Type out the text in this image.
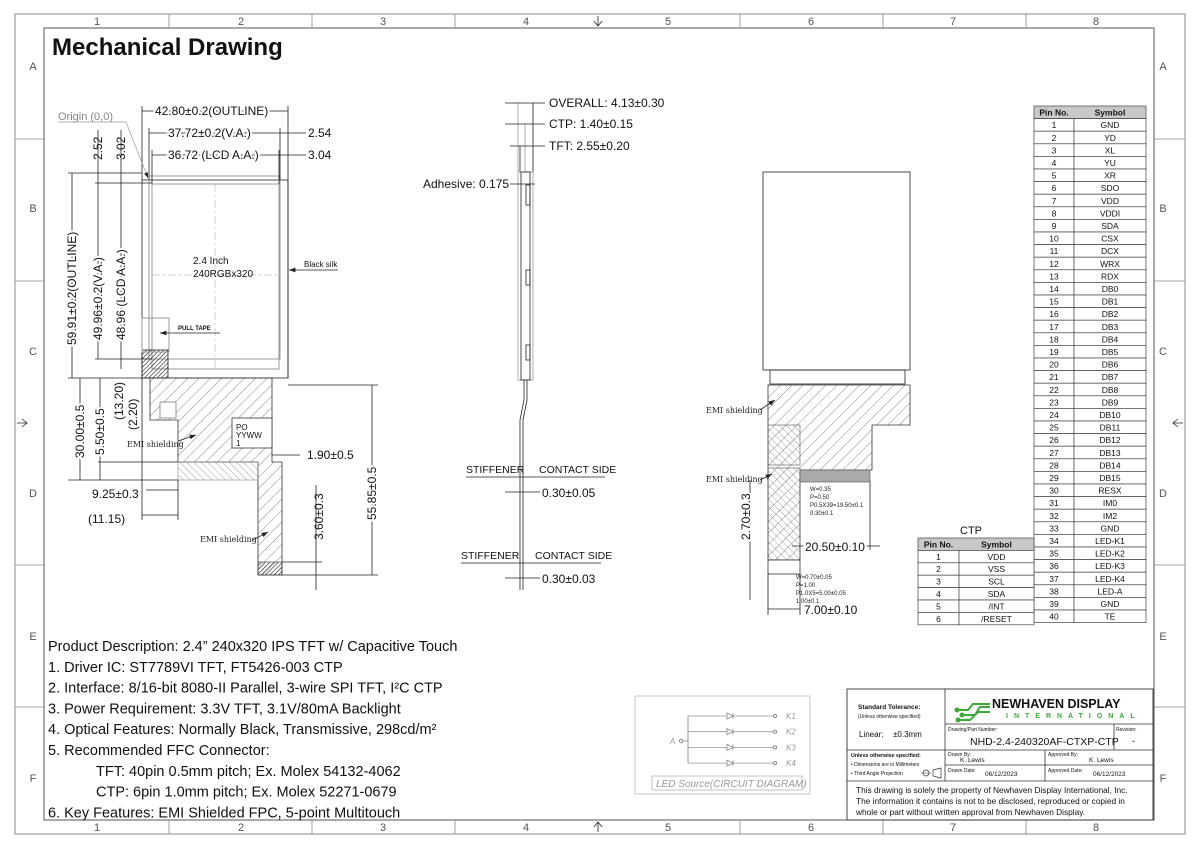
1	2	3	4	5	6	7	8
1	2	3	4	5	6	7	8
A
B
C
D
E
F
A
B
C
D
E
F
Mechanical Drawing
PO
YYWW
1
42.80±0.2(OUTLINE)
37.72±0.2(V.A.)	2.54
36.72 (LCD A.A.)	3.04
Origin (0,0)
59.91±0.2(OUTLINE) 49.96±0.2(V.A.)
2.52
48.96 (LCD A.A.)
3.02
2.4 Inch
240RGBx320
Black silk
PULL TAPE
30.00±0.5 5.50±0.5
(13.20) (2.20)
9.25±0.3
(11.15)
EMI shielding
1.90±0.5
55.85±0.5
3.60±0.3
EMI shielding
OVERALL: 4.13±0.30
CTP: 1.40±0.15
TFT: 2.55±0.20
Adhesive: 0.175
STIFFENER CONTACT SIDE
0.30±0.05
STIFFENER CONTACT SIDE
0.30±0.03
EMI shielding
EMI shielding
W=0.35
P=0.50
P0.5X39=19.50±0.1
0.30±0.1
20.50±0.10
2.70±0.3
W=0.70±0.05
P=1.00
P1.0X5=5.00±0.05
1.00±0.1
7.00±0.10
Pin No.	Symbol
1	GND
2	YD
3	XL
4	YU
5	XR
6	SDO
7	VDD
8	VDDI
9	SDA
10	CSX
11	DCX
12	WRX
13	RDX
14	DB0
15	DB1
16	DB2
17	DB3
18	DB4
19	DB5
20	DB6
21	DB7
22	DB8
23	DB9
24	DB10
25	DB11
26	DB12
27	DB13
28	DB14
29	DB15
30	RESX
31	IM0
32	IM2
33	GND
34	LED-K1
35	LED-K2
36	LED-K3
37	LED-K4
38	LED-A
39	GND
40	TE
CTP
Pin No.	Symbol
1	VDD
2	VSS
3	SCL
4	SDA
5	/INT
6	/RESET
Product Description: 2.4” 240x320 IPS TFT w/ Capacitive Touch
1. Driver IC: ST7789VI TFT, FT5426-003 CTP
2. Interface: 8/16-bit 8080-II Parallel, 3-wire SPI TFT, I²C CTP
3. Power Requirement: 3.3V TFT, 3.1V/80mA Backlight
4. Optical Features: Normally Black, Transmissive, 298cd/m²
5. Recommended FFC Connector:
TFT: 40pin 0.5mm pitch; Ex. Molex 54132-4062
CTP: 6pin 1.0mm pitch; Ex. Molex 52271-0679
6. Key Features: EMI Shielded FPC, 5-point Multitouch
K1
K2
K3
K4
A
LED Source(CIRCUIT DIAGRAM)
Standard Tolerance:
(Unless otherwise specified)
Linear: ±0.3mm
NEWHAVEN DISPLAY
INTERNATIONAL
Drawing/Part Number:
NHD-2.4-240320AF-CTXP-CTP
Revision:
-
Unless otherwise specified:
• Dimensions are in Millimeters
• Third Angle Projection
Drawn By:
K. Lewis
Approved By:
K. Lewis
Drawn Date: 06/12/2023	Approved Date: 06/12/2023
This drawing is solely the property of Newhaven Display International, Inc.
The information it contains is not to be disclosed, reproduced or copied in
whole or part without written approval from Newhaven Display.
